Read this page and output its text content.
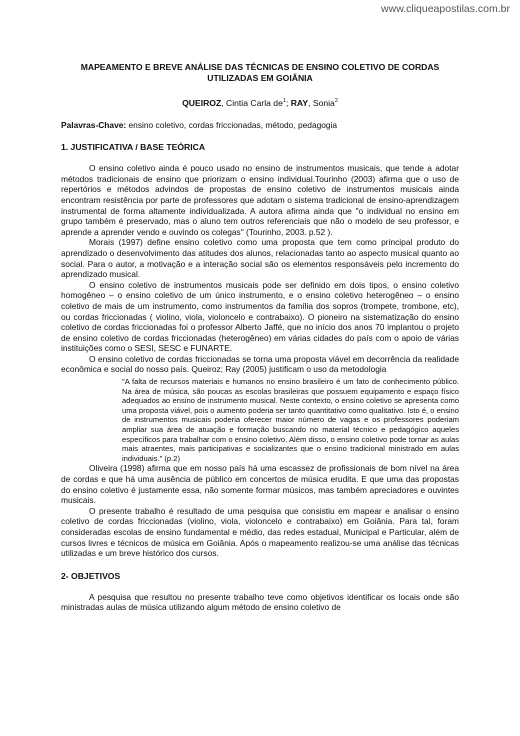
www.cliqueapostilas.com.br
MAPEAMENTO E BREVE ANÁLISE DAS TÉCNICAS DE ENSINO COLETIVO DE CORDAS UTILIZADAS EM GOIÂNIA
QUEIROZ, Cintia Carla $de^1$; RAY, Sonia$^2$
Palavras-Chave: ensino coletivo, cordas friccionadas, método, pedagogia
1. JUSTIFICATIVA / BASE TEÓRICA

O ensino coletivo ainda é pouco usado no ensino de instrumentos musicais, que tende a adotar métodos tradicionais de ensino que priorizam o ensino individual.Tourinho (2003) afirma que o uso de repertórios e métodos advindos de propostas de ensino coletivo de instrumentos musicais ainda encontram resistência por parte de professores que adotam o sistema tradicional de ensino-aprendizagem instrumental de forma altamente individualizada. A autora afirma ainda que "o individual no ensino em grupo também é preservado, mas o aluno tem outros referenciais que não o modelo de seu professor, e aprende a aprender vendo e ouvindo os colegas" (Tourinho, 2003. p.52 ).

Morais (1997) define ensino coletivo como uma proposta que tem como principal produto do aprendizado o desenvolvimento das atitudes dos alunos, relacionadas tanto ao aspecto musical quanto ao social. Para o autor, a motivação e a interação social são os elementos responsáveis pelo incremento do aprendizado musical.

O ensino coletivo de instrumentos musicais pode ser definido em dois tipos, o ensino coletivo homogêneo – o ensino coletivo de um único instrumento, e o ensino coletivo heterogêneo – o ensino coletivo de mais de um instrumento, como instrumentos da família dos sopros (trompete, trombone, etc), ou cordas friccionadas ( violino, viola, violoncelo e contrabaixo). O pioneiro na sistematização do ensino coletivo de cordas friccionadas foi o professor Alberto Jaffé, que no início dos anos 70 implantou o projeto de ensino coletivo de cordas friccionadas (heterogêneo) em várias cidades do país com o apoio de várias instituições como o SESI, SESC e FUNARTE.

O ensino coletivo de cordas friccionadas se torna uma proposta viável em decorrência da realidade econômica e social do nosso país. Queiroz; Ray (2005) justificam o uso da metodologia

"A falta de recursos materiais e humanos no ensino brasileiro é um fato de conhecimento público. Na área de música, são poucas as escolas brasileiras que possuem equipamento e espaço físico adequados ao ensino de instrumento musical. Neste contexto, o ensino coletivo se apresenta como uma proposta viável, pois o aumento poderia ser tanto quantitativo como qualitativo. Isto é, o ensino de instrumentos musicais poderia oferecer maior número de vagas e os professores poderiam ampliar sua área de atuação e formação buscando no material técnico e pedagógico aqueles específicos para trabalhar com o ensino coletivo. Além disso, o ensino coletivo pode tornar as aulas mais atraentes, mais participativas e socializantes que o ensino tradicional ministrado em aulas individuais." (p.2)

Oliveira (1998) afirma que em nosso país há uma escassez de profissionais de bom nível na área de cordas e que há uma ausência de público em concertos de música erudita. E que uma das propostas do ensino coletivo é justamente essa, não somente formar músicos, mas também apreciadores e ouvintes musicais.

O presente trabalho é resultado de uma pesquisa que consistiu em mapear e analisar o ensino coletivo de cordas friccionadas (violino, viola, violoncelo e contrabaixo) em Goiânia. Para tal, foram consideradas escolas de ensino fundamental e médio, das redes estadual, Municipal e Particular, além de cursos livres e técnicos de música em Goiânia. Após o mapeamento realizou-se uma análise das técnicas utilizadas e um breve histórico dos cursos.

2- OBJETIVOS

A pesquisa que resultou no presente trabalho teve como objetivos identificar os locais onde são ministradas aulas de música utilizando algum método de ensino coletivo de
